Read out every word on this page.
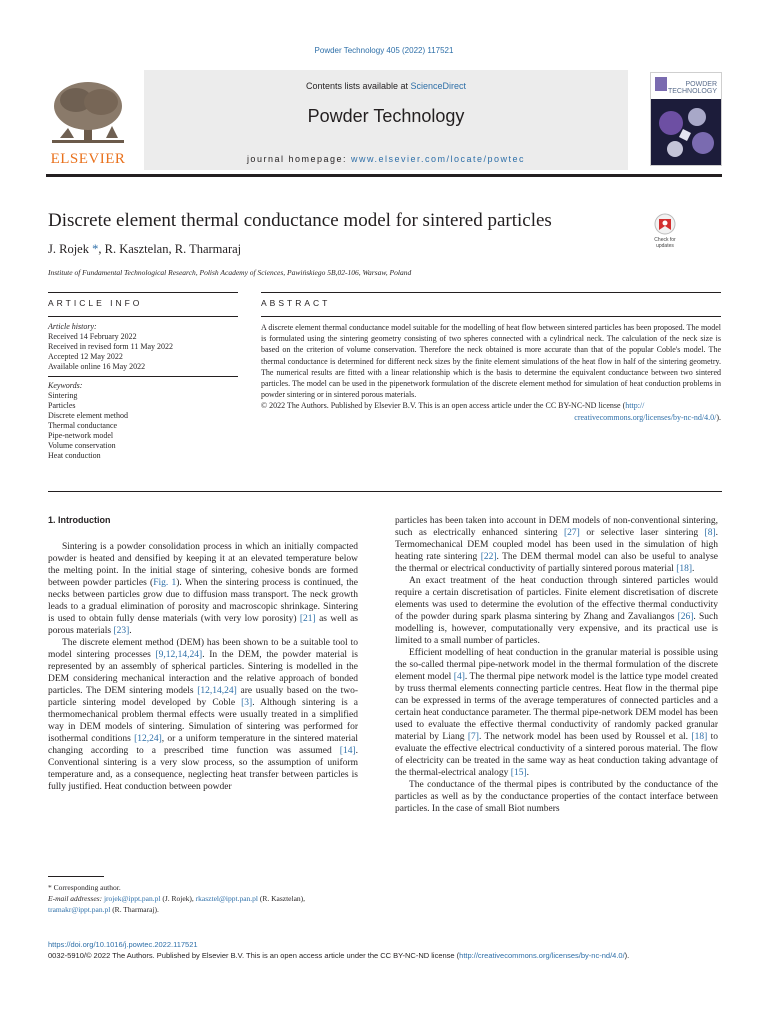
Powder Technology 405 (2022) 117521
ELSEVIER
Contents lists available at ScienceDirect
Powder Technology
journal homepage: www.elsevier.com/locate/powtec
POWDER
TECHNOLOGY
Discrete element thermal conductance model for sintered particles
Check for updates
J. Rojek *, R. Kasztelan, R. Tharmaraj
Institute of Fundamental Technological Research, Polish Academy of Sciences, Pawińskiego 5B,02-106, Warsaw, Poland
ARTICLE INFO	ABSTRACT
Article history:
Received 14 February 2022
Received in revised form 11 May 2022
Accepted 12 May 2022
Available online 16 May 2022
Keywords:
Sintering
Particles
Discrete element method
Thermal conductance
Pipe-network model
Volume conservation
Heat conduction

A discrete element thermal conductance model suitable for the modelling of heat flow between sintered particles has been proposed. The model is formulated using the sintering geometry consisting of two spheres connected with a cylindrical neck. The calculation of the neck size is based on the criterion of volume conservation. Therefore the neck obtained is more accurate than that of the popular Coble's model. The thermal conductance is determined for different neck sizes by the finite element simulations of the heat flow in half of the sintering geometry. The numerical results are fitted with a linear relationship which is the basis to determine the equivalent conductance between two sintered particles. The model can be used in the pipenetwork formulation of the discrete element method for simulation of heat conduction problems in powder sintering or in sintered porous materials.

© 2022 The Authors. Published by Elsevier B.V. This is an open access article under the CC BY-NC-ND license (http://

creativecommons.org/licenses/by-nc-nd/4.0/).

1. Introduction

Sintering is a powder consolidation process in which an initially compacted powder is heated and densified by keeping it at an elevated temperature below the melting point. In the initial stage of sintering, cohesive bonds are formed between powder particles (Fig. 1). When the sintering process is continued, the necks between particles grow due to diffusion mass transport. The neck growth leads to a gradual elimination of porosity and macroscopic shrinkage. Sintering is used to obtain fully dense materials (with very low porosity) [21] as well as porous materials [23].

The discrete element method (DEM) has been shown to be a suitable tool to model sintering processes [9,12,14,24]. In the DEM, the powder material is represented by an assembly of spherical particles. Sintering is modelled in the DEM considering mechanical interaction and the relative approach of bonded particles. The DEM sintering models [12,14,24] are usually based on the two-particle sintering model developed by Coble [3]. Although sintering is a thermomechanical problem thermal effects were usually treated in a simplified way in DEM models of sintering. Simulation of sintering was performed for isothermal conditions [12,24], or a uniform temperature in the sintered material changing according to a prescribed time function was assumed [14]. Conventional sintering is a very slow process, so the assumption of uniform temperature and, as a consequence, neglecting heat transfer between particles is fully justified. Heat conduction between powder

particles has been taken into account in DEM models of non-conventional sintering, such as electrically enhanced sintering [27] or selective laser sintering [8]. Termomechanical DEM coupled model has been used in the simulation of high heating rate sintering [22]. The DEM thermal model can also be useful to analyse the thermal or electrical conductivity of partially sintered porous material [18].

An exact treatment of the heat conduction through sintered particles would require a certain discretisation of particles. Finite element discretisation of discrete elements was used to determine the evolution of the effective thermal conductivity of the powder during spark plasma sintering by Zhang and Zavaliangos [26]. Such modelling is, however, computationally very expensive, and its practical use is limited to a small number of particles.

Efficient modelling of heat conduction in the granular material is possible using the so-called thermal pipe-network model in the thermal formulation of the discrete element model [4]. The thermal pipe network model is the lattice type model created by truss thermal elements connecting particle centres. Heat flow in the thermal pipe can be expressed in terms of the average temperatures of connected particles and a certain heat conductance parameter. The thermal pipe-network DEM model has been used to evaluate the effective thermal conductivity of randomly packed granular material by Liang [7]. The network model has been used by Roussel et al. [18] to evaluate the effective electrical conductivity of a sintered porous material. The flow of electricity can be treated in the same way as heat conduction taking advantage of the thermal-electrical analogy [15].

The conductance of the thermal pipes is contributed by the conductance of the particles as well as by the conductance properties of the contact interface between particles. In the case of small Biot numbers

* Corresponding author.
E-mail addresses: jrojek@ippt.pan.pl (J. Rojek), rkasztel@ippt.pan.pl (R. Kasztelan),
tramakr@ippt.pan.pl (R. Tharmaraj).
https://doi.org/10.1016/j.powtec.2022.117521
0032-5910/© 2022 The Authors. Published by Elsevier B.V. This is an open access article under the CC BY-NC-ND license (http://creativecommons.org/licenses/by-nc-nd/4.0/).
